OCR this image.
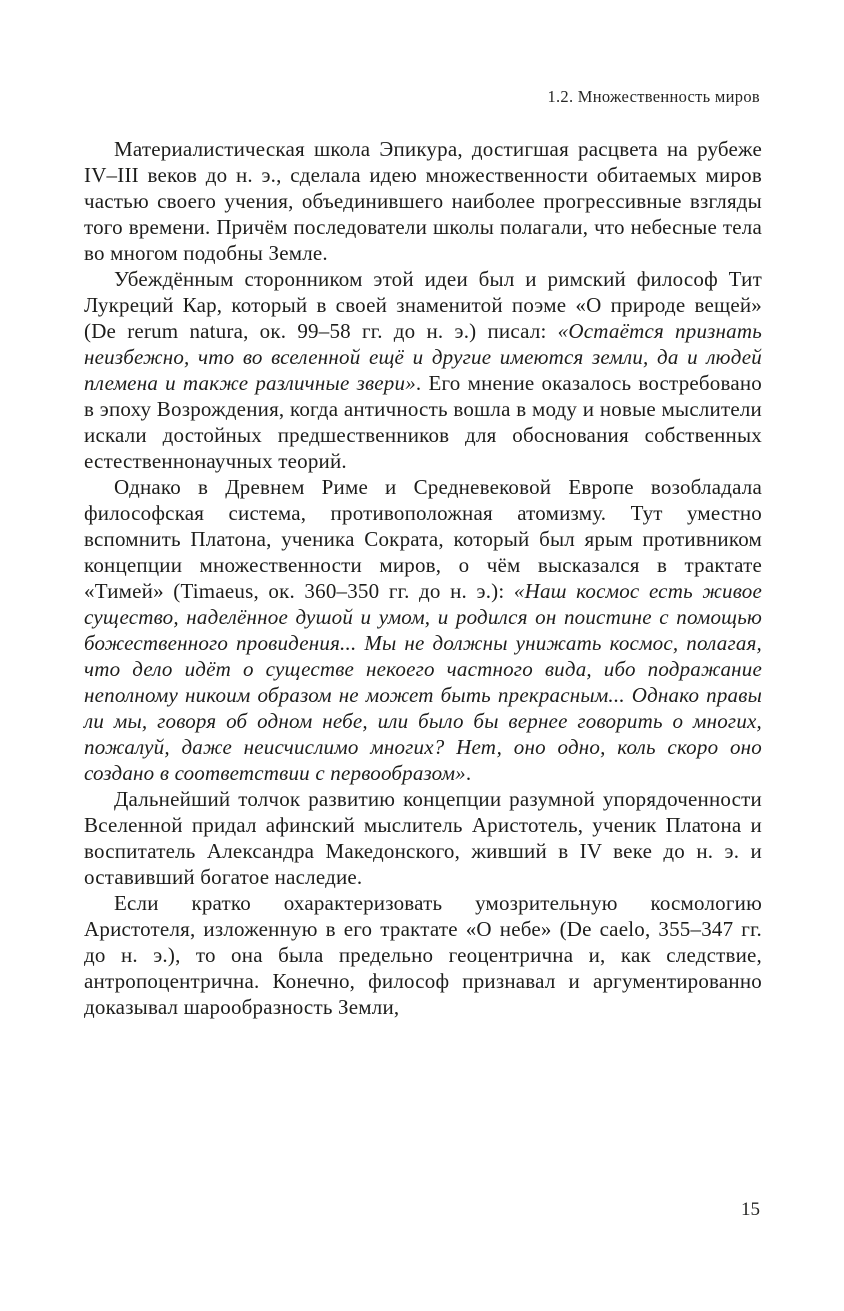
1.2. Множественность миров

Материалистическая школа Эпикура, достигшая расцвета на рубеже IV–III веков до н. э., сделала идею множественности обитаемых миров частью своего учения, объединившего наиболее прогрессивные взгляды того времени. Причём последователи школы полагали, что небесные тела во многом подобны Земле.

Убеждённым сторонником этой идеи был и римский философ Тит Лукреций Кар, который в своей знаменитой поэме «О природе вещей» (De rerum natura, ок. 99–58 гг. до н. э.) писал: «Остаётся признать неизбежно, что во вселенной ещё и другие имеются земли, да и людей племена и также различные звери». Его мнение оказалось востребовано в эпоху Возрождения, когда античность вошла в моду и новые мыслители искали достойных предшественников для обоснования собственных естественнонаучных теорий.

Однако в Древнем Риме и Средневековой Европе возобладала философская система, противоположная атомизму. Тут уместно вспомнить Платона, ученика Сократа, который был ярым противником концепции множественности миров, о чём высказался в трактате «Тимей» (Timaeus, ок. 360–350 гг. до н. э.): «Наш космос есть живое существо, наделённое душой и умом, и родился он поистине с помощью божественного провидения... Мы не должны унижать космос, полагая, что дело идёт о существе некоего частного вида, ибо подражание неполному никоим образом не может быть прекрасным... Однако правы ли мы, говоря об одном небе, или было бы вернее говорить о многих, пожалуй, даже неисчислимо многих? Нет, оно одно, коль скоро оно создано в соответствии с первообразом».

Дальнейший толчок развитию концепции разумной упорядоченности Вселенной придал афинский мыслитель Аристотель, ученик Платона и воспитатель Александра Македонского, живший в IV веке до н. э. и оставивший богатое наследие.

Если кратко охарактеризовать умозрительную космологию Аристотеля, изложенную в его трактате «О небе» (De caelo, 355–347 гг. до н. э.), то она была предельно геоцентрична и, как следствие, антропоцентрична. Конечно, философ признавал и аргументированно доказывал шарообразность Земли,

15
